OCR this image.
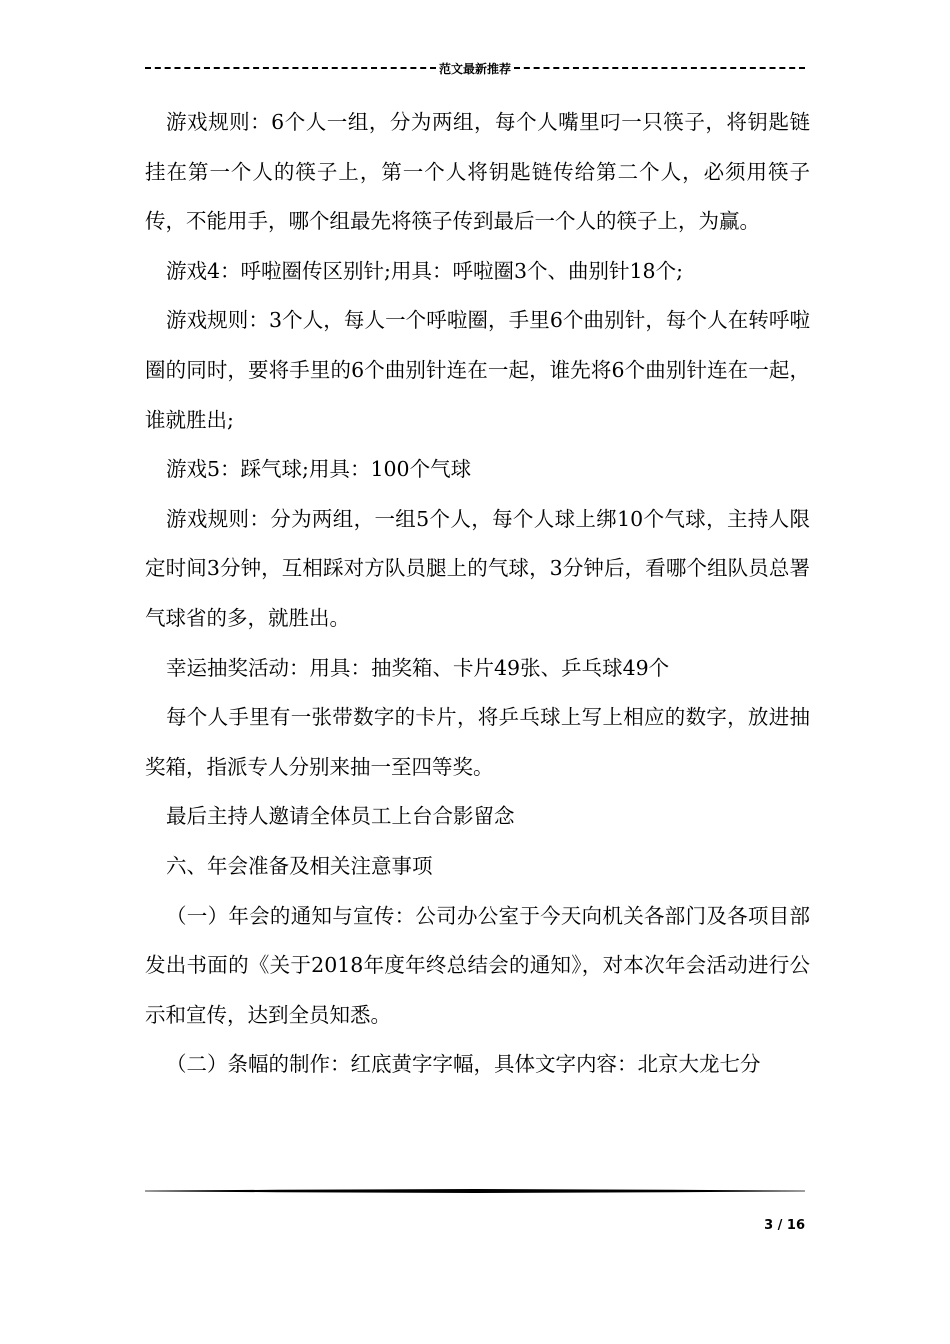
范文最新推荐

游戏规则：6个人一组，分为两组，每个人嘴里叼一只筷子，将钥匙链挂在第一个人的筷子上，第一个人将钥匙链传给第二个人，必须用筷子传，不能用手，哪个组最先将筷子传到最后一个人的筷子上，为赢。

游戏4：呼啦圈传区别针;用具：呼啦圈3个、曲别针18个;

游戏规则：3个人，每人一个呼啦圈，手里6个曲别针，每个人在转呼啦圈的同时，要将手里的6个曲别针连在一起，谁先将6个曲别针连在一起，谁就胜出;

游戏5：踩气球;用具：100个气球

游戏规则：分为两组，一组5个人，每个人球上绑10个气球，主持人限定时间3分钟，互相踩对方队员腿上的气球，3分钟后，看哪个组队员总署气球省的多，就胜出。

幸运抽奖活动：用具：抽奖箱、卡片49张、乒乓球49个

每个人手里有一张带数字的卡片，将乒乓球上写上相应的数字，放进抽奖箱，指派专人分别来抽一至四等奖。

最后主持人邀请全体员工上台合影留念

六、年会准备及相关注意事项

（一）年会的通知与宣传：公司办公室于今天向机关各部门及各项目部发出书面的《关于2018年度年终总结会的通知》，对本次年会活动进行公示和宣传，达到全员知悉。

（二）条幅的制作：红底黄字字幅，具体文字内容：北京大龙七分

3 / 16
